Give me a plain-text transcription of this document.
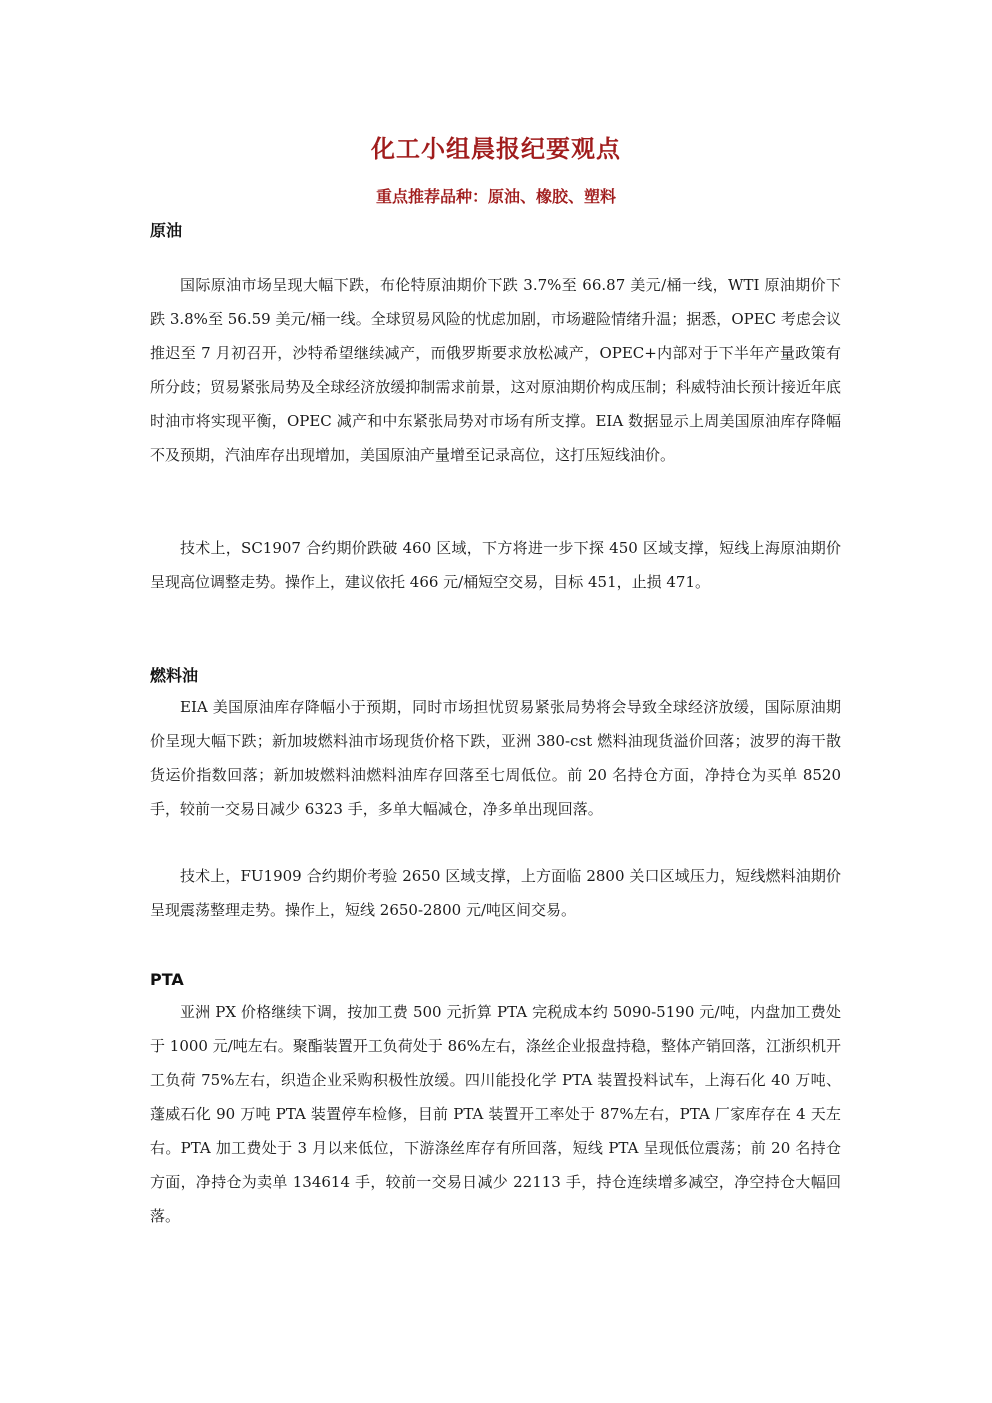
化工小组晨报纪要观点
重点推荐品种：原油、橡胶、塑料
原油
国际原油市场呈现大幅下跌，布伦特原油期价下跌 3.7%至 66.87 美元/桶一线，WTI 原油期价下跌 3.8%至 56.59 美元/桶一线。全球贸易风险的忧虑加剧，市场避险情绪升温；据悉，OPEC 考虑会议推迟至 7 月初召开，沙特希望继续减产，而俄罗斯要求放松减产，OPEC+内部对于下半年产量政策有所分歧；贸易紧张局势及全球经济放缓抑制需求前景，这对原油期价构成压制；科威特油长预计接近年底时油市将实现平衡，OPEC 减产和中东紧张局势对市场有所支撑。EIA 数据显示上周美国原油库存降幅不及预期，汽油库存出现增加，美国原油产量增至记录高位，这打压短线油价。
技术上，SC1907 合约期价跌破 460 区域，下方将进一步下探 450 区域支撑，短线上海原油期价呈现高位调整走势。操作上，建议依托 466 元/桶短空交易，目标 451，止损 471。
燃料油
EIA 美国原油库存降幅小于预期，同时市场担忧贸易紧张局势将会导致全球经济放缓，国际原油期价呈现大幅下跌；新加坡燃料油市场现货价格下跌，亚洲 380-cst 燃料油现货溢价回落；波罗的海干散货运价指数回落；新加坡燃料油燃料油库存回落至七周低位。前 20 名持仓方面，净持仓为买单 8520 手，较前一交易日减少 6323 手，多单大幅减仓，净多单出现回落。
技术上，FU1909 合约期价考验 2650 区域支撑，上方面临 2800 关口区域压力，短线燃料油期价呈现震荡整理走势。操作上，短线 2650-2800 元/吨区间交易。
PTA
亚洲 PX 价格继续下调，按加工费 500 元折算 PTA 完税成本约 5090-5190 元/吨，内盘加工费处于 1000 元/吨左右。聚酯装置开工负荷处于 86%左右，涤丝企业报盘持稳，整体产销回落，江浙织机开工负荷 75%左右，织造企业采购积极性放缓。四川能投化学 PTA 装置投料试车，上海石化 40 万吨、蓬威石化 90 万吨 PTA 装置停车检修，目前 PTA 装置开工率处于 87%左右，PTA 厂家库存在 4 天左右。PTA 加工费处于 3 月以来低位，下游涤丝库存有所回落，短线 PTA 呈现低位震荡；前 20 名持仓方面，净持仓为卖单 134614 手，较前一交易日减少 22113 手，持仓连续增多减空，净空持仓大幅回落。
